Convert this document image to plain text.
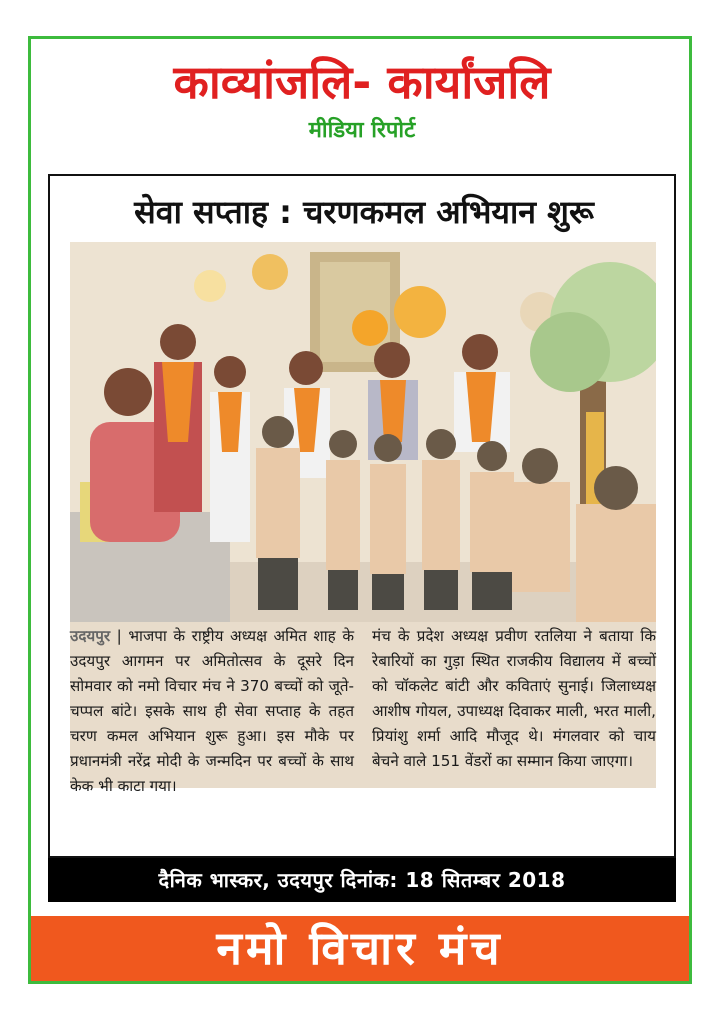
काव्यांजलि- कार्यांजलि
मीडिया रिपोर्ट
सेवा सप्ताह : चरणकमल अभियान शुरू
उदयपुर | भाजपा के राष्ट्रीय अध्यक्ष अमित शाह के उदयपुर आगमन पर अमितोत्सव के दूसरे दिन सोमवार को नमो विचार मंच ने 370 बच्चों को जूते-चप्पल बांटे। इसके साथ ही सेवा सप्ताह के तहत चरण कमल अभियान शुरू हुआ। इस मौके पर प्रधानमंत्री नरेंद्र मोदी के जन्मदिन पर बच्चों के साथ केक भी काटा गया।
मंच के प्रदेश अध्यक्ष प्रवीण रतलिया ने बताया कि रेबारियों का गुड़ा स्थित राजकीय विद्यालय में बच्चों को चॉकलेट बांटी और कविताएं सुनाई। जिलाध्यक्ष आशीष गोयल, उपाध्यक्ष दिवाकर माली, भरत माली, प्रियांशु शर्मा आदि मौजूद थे। मंगलवार को चाय बेचने वाले 151 वेंडरों का सम्मान किया जाएगा।
दैनिक भास्कर, उदयपुर दिनांक: 18 सितम्बर 2018
नमो विचार मंच
